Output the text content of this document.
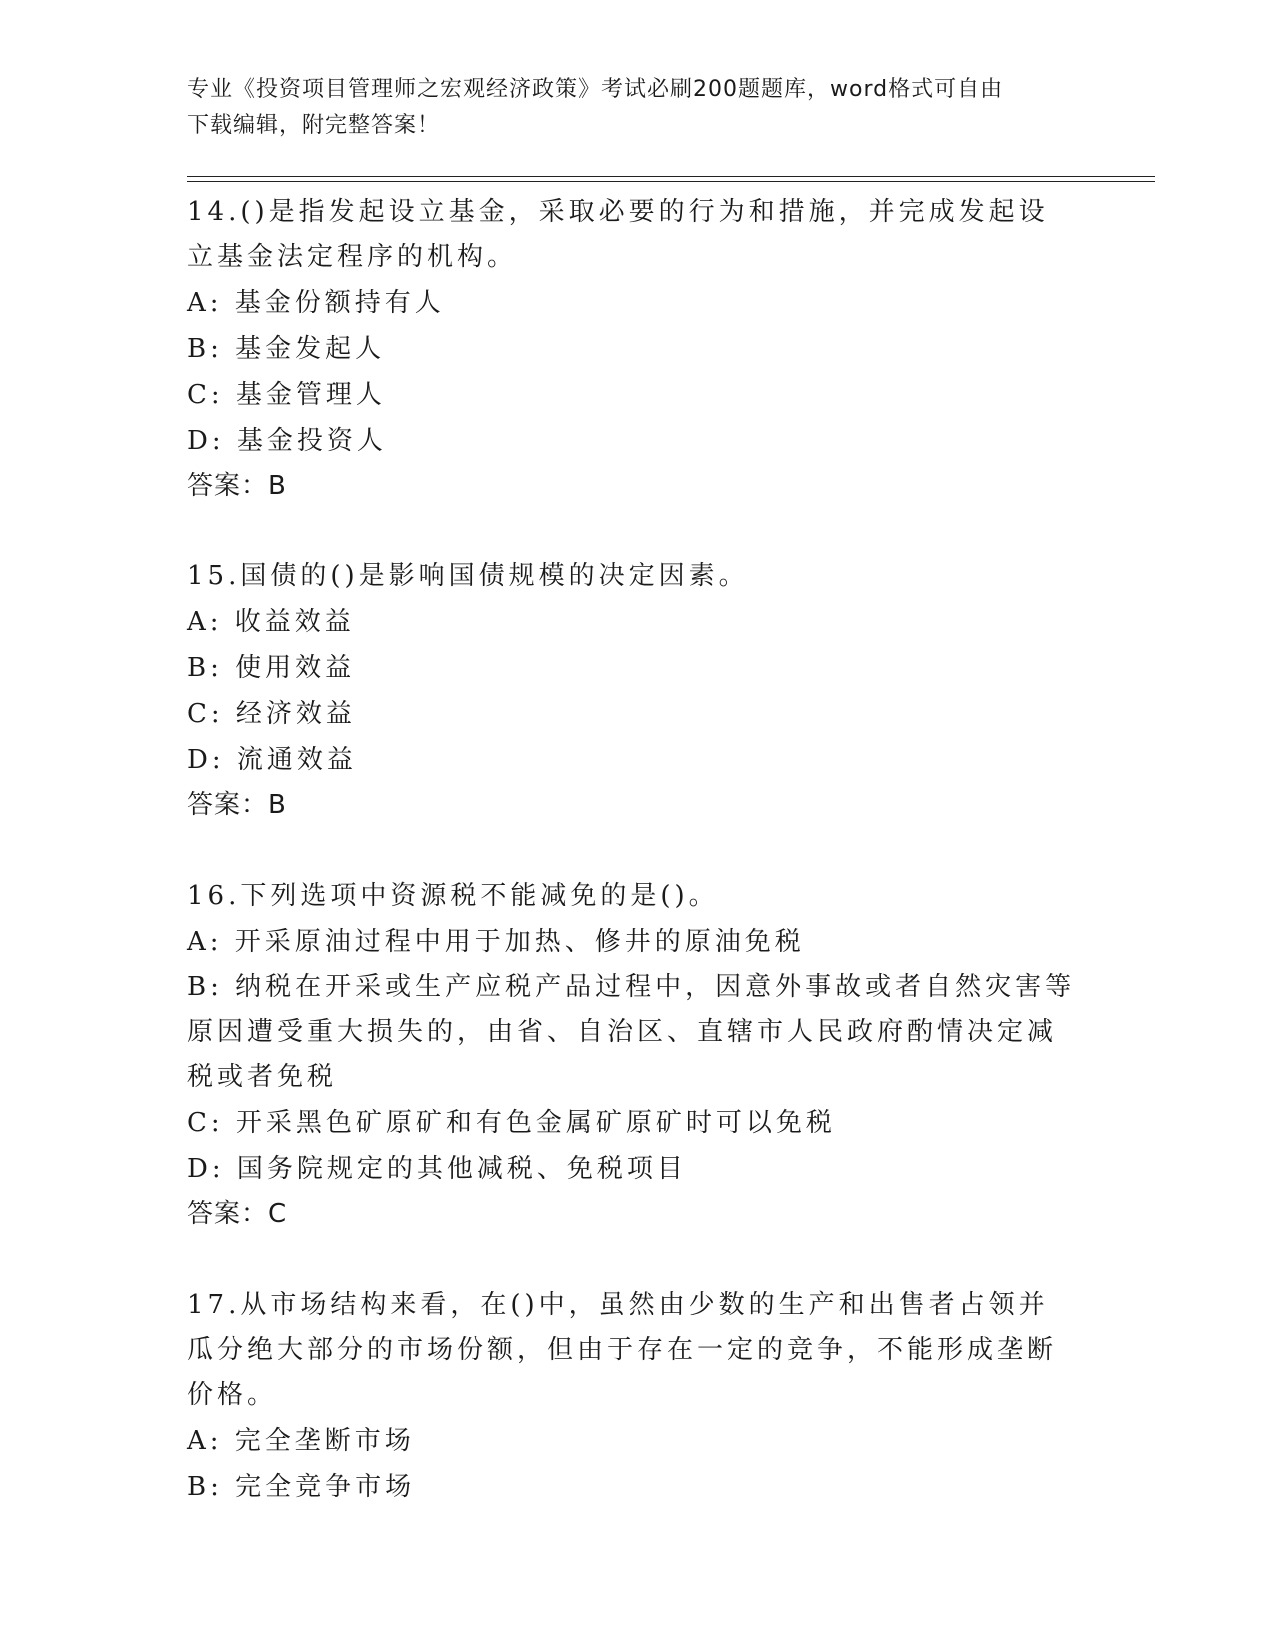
专业《投资项目管理师之宏观经济政策》考试必刷200题题库，word格式可自由
下载编辑，附完整答案！
14.()是指发起设立基金，采取必要的行为和措施，并完成发起设立基金法定程序的机构。
A: 基金份额持有人
B: 基金发起人
C: 基金管理人
D: 基金投资人
答案：B
15.国债的()是影响国债规模的决定因素。
A: 收益效益
B: 使用效益
C: 经济效益
D: 流通效益
答案：B
16.下列选项中资源税不能减免的是()。
A: 开采原油过程中用于加热、修井的原油免税
B: 纳税在开采或生产应税产品过程中，因意外事故或者自然灾害等原因遭受重大损失的，由省、自治区、直辖市人民政府酌情决定减税或者免税
C: 开采黑色矿原矿和有色金属矿原矿时可以免税
D: 国务院规定的其他减税、免税项目
答案：C
17.从市场结构来看，在()中，虽然由少数的生产和出售者占领并瓜分绝大部分的市场份额，但由于存在一定的竞争，不能形成垄断价格。
A: 完全垄断市场
B: 完全竞争市场
